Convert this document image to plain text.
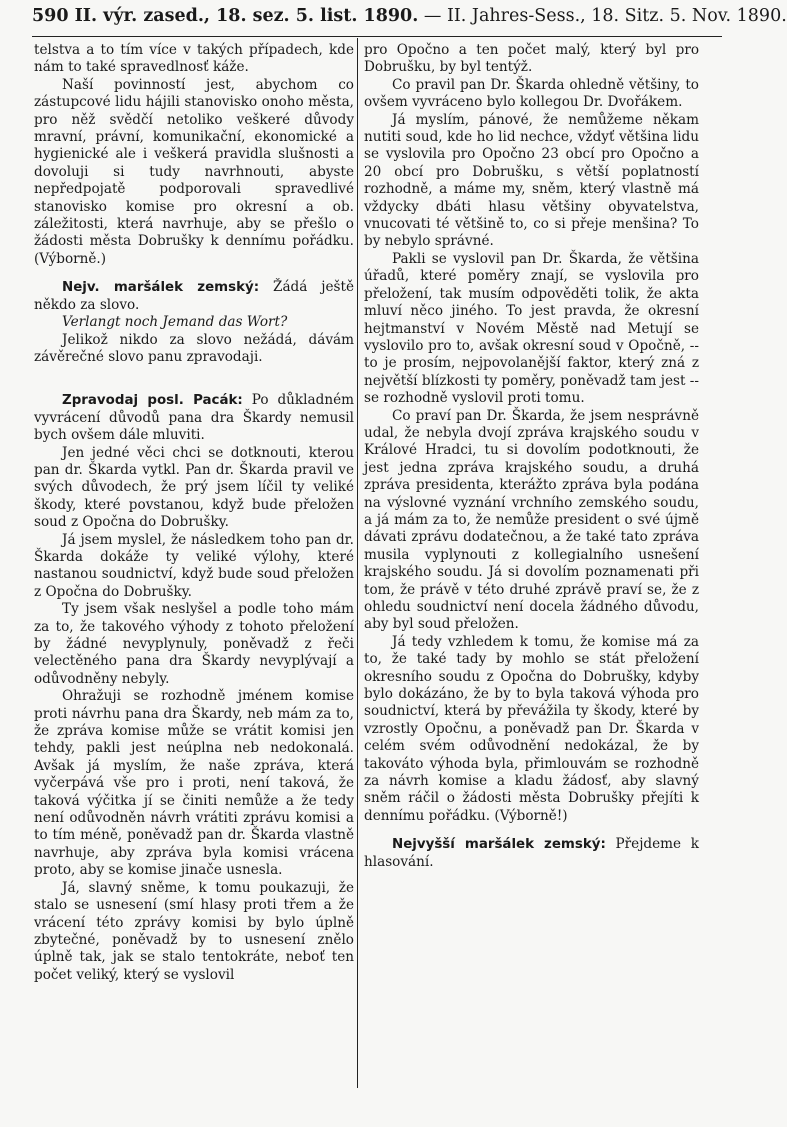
590 II. výr. zased., 18. sez. 5. list. 1890. — II. Jahres-Sess., 18. Sitz. 5. Nov. 1890.

telstva a to tím více v takých případech, kde nám to také spravedlnosť káže.

Naší povinností jest, abychom co zástupcové lidu hájili stanovisko onoho města, pro něž svědčí netoliko veškeré důvody mravní, právní, komunikační, ekonomické a hygienické ale i veškerá pravidla slušnosti a dovoluji si tudy navrhnouti, abyste nepředpojatě podporovali spravedlivé stanovisko komise pro okresní a ob. záležitosti, která navrhuje, aby se přešlo o žádosti města Dobrušky k dennímu pořádku. (Výborně.)

Nejv. maršálek zemský: Žádá ještě někdo za slovo.

Verlangt noch Jemand das Wort?

Jelikož nikdo za slovo nežádá, dávám závěrečné slovo panu zpravodaji.

Zpravodaj posl. Pacák: Po důkladném vyvrácení důvodů pana dra Škardy nemusil bych ovšem dále mluviti.

Jen jedné věci chci se dotknouti, kterou pan dr. Škarda vytkl. Pan dr. Škarda pravil ve svých důvodech, že prý jsem líčil ty veliké škody, které povstanou, když bude přeložen soud z Opočna do Dobrušky.

Já jsem myslel, že následkem toho pan dr. Škarda dokáže ty veliké výlohy, které nastanou soudnictví, když bude soud přeložen z Opočna do Dobrušky.

Ty jsem však neslyšel a podle toho mám za to, že takového výhody z tohoto přeložení by žádné nevyplynuly, poněvadž z řeči velectěného pana dra Škardy nevyplývají a odůvodněny nebyly.

Ohražuji se rozhodně jménem komise proti návrhu pana dra Škardy, neb mám za to, že zpráva komise může se vrátit komisi jen tehdy, pakli jest neúplna neb nedokonalá. Avšak já myslím, že naše zpráva, která vyčerpává vše pro i proti, není taková, že taková výčitka jí se činiti nemůže a že tedy není odůvodněn návrh vrátiti zprávu komisi a to tím méně, poněvadž pan dr. Škarda vlastně navrhuje, aby zpráva byla komisi vrácena proto, aby se komise jinače usnesla.

Já, slavný sněme, k tomu poukazuji, že stalo se usnesení (smí hlasy proti třem a že vrácení této zprávy komisi by bylo úplně zbytečné, poněvadž by to usnesení znělo úplně tak, jak se stalo tentokráte, neboť ten počet veliký, který se vyslovil

pro Opočno a ten počet malý, který byl pro Dobrušku, by byl tentýž.

Co pravil pan Dr. Škarda ohledně většiny, to ovšem vyvráceno bylo kollegou Dr. Dvořákem.

Já myslím, pánové, že nemůžeme někam nutiti soud, kde ho lid nechce, vždyť většina lidu se vyslovila pro Opočno 23 obcí pro Opočno a 20 obcí pro Dobrušku, s větší poplatností rozhodně, a máme my, sněm, který vlastně má vždycky dbáti hlasu většiny obyvatelstva, vnucovati té většině to, co si přeje menšina? To by nebylo správné.

Pakli se vyslovil pan Dr. Škarda, že většina úřadů, které poměry znají, se vyslovila pro přeložení, tak musím odpověděti tolik, že akta mluví něco jiného. To jest pravda, že okresní hejtmanství v Novém Městě nad Metují se vyslovilo pro to, avšak okresní soud v Opočně, -- to je prosím, nejpovolanější faktor, který zná z největší blízkosti ty poměry, poněvadž tam jest -- se rozhodně vyslovil proti tomu.

Co praví pan Dr. Škarda, že jsem nesprávně udal, že nebyla dvojí zpráva krajského soudu v Králové Hradci, tu si dovolím podotknouti, že jest jedna zpráva krajského soudu, a druhá zpráva presidenta, kterážto zpráva byla podána na výslovné vyznání vrchního zemského soudu, a já mám za to, že nemůže president o své újmě dávati zprávu dodatečnou, a že také tato zpráva musila vyplynouti z kollegialního usnešení krajského soudu. Já si dovolím poznamenati při tom, že právě v této druhé zprávě praví se, že z ohledu soudnictví není docela žádného důvodu, aby byl soud přeložen.

Já tedy vzhledem k tomu, že komise má za to, že také tady by mohlo se stát přeložení okresního soudu z Opočna do Dobrušky, kdyby bylo dokázáno, že by to byla taková výhoda pro soudnictví, která by převážila ty škody, které by vzrostly Opočnu, a poněvadž pan Dr. Škarda v celém svém odůvodnění nedokázal, že by takováto výhoda byla, přimlouvám se rozhodně za návrh komise a kladu žádosť, aby slavný sněm ráčil o žádosti města Dobrušky přejíti k dennímu pořádku. (Výborně!)

Nejvyšší maršálek zemský: Přejdeme k hlasování.
